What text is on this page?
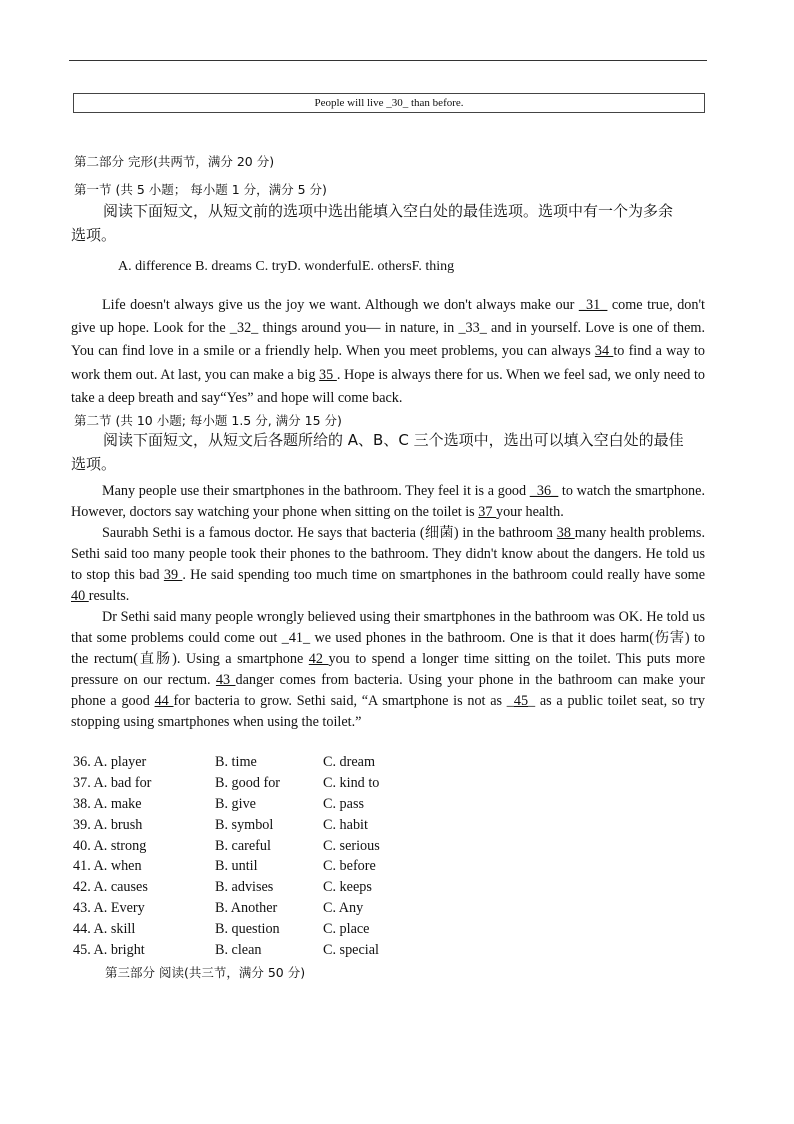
People will live _30_ than before.
第二部分 完形(共两节，满分 20 分)
第一节 (共 5 小题； 每小题 1 分，满分 5 分)
阅读下面短文，从短文前的选项中选出能填入空白处的最佳选项。选项中有一个为多余
选项。
A. difference B. dreams C. tryD. wonderfulE. othersF. thing

Life doesn't always give us the joy we want. Although we don't always make our _31_ come true, don't give up hope. Look for the _32_ things around you— in nature, in _33_ and in yourself. Love is one of them. You can find love in a smile or a friendly help. When you meet problems, you can always 34 to find a way to work them out. At last, you can make a big 35 . Hope is always there for us. When we feel sad, we only need to take a deep breath and say“Yes” and hope will come back.

第二节 (共 10 小题; 每小题 1.5 分, 满分 15 分)
阅读下面短文，从短文后各题所给的 A、B、C 三个选项中，选出可以填入空白处的最佳
选项。

Many people use their smartphones in the bathroom. They feel it is a good _36_ to watch the smartphone. However, doctors say watching your phone when sitting on the toilet is 37 your health.

Saurabh Sethi is a famous doctor. He says that bacteria (细菌) in the bathroom 38 many health problems. Sethi said too many people took their phones to the bathroom. They didn't know about the dangers. He told us to stop this bad 39 . He said spending too much time on smartphones in the bathroom could really have some 40 results.

Dr Sethi said many people wrongly believed using their smartphones in the bathroom was OK. He told us that some problems could come out _41_ we used phones in the bathroom. One is that it does harm(伤害) to the rectum(直肠). Using a smartphone 42 you to spend a longer time sitting on the toilet. This puts more pressure on our rectum. 43 danger comes from bacteria. Using your phone in the bathroom can make your phone a good 44 for bacteria to grow. Sethi said, “A smartphone is not as _45_ as a public toilet seat, so try stopping using smartphones when using the toilet.”

36. A. player	B. time	C. dream
37. A. bad for	B. good for	C. kind to
38. A. make	B. give	C. pass
39. A. brush	B. symbol	C. habit
40. A. strong	B. careful	C. serious
41. A. when	B. until	C. before
42. A. causes	B. advises	C. keeps
43. A. Every	B. Another	C. Any
44. A. skill	B. question	C. place
45. A. bright	B. clean	C. special
第三部分 阅读(共三节，满分 50 分)
